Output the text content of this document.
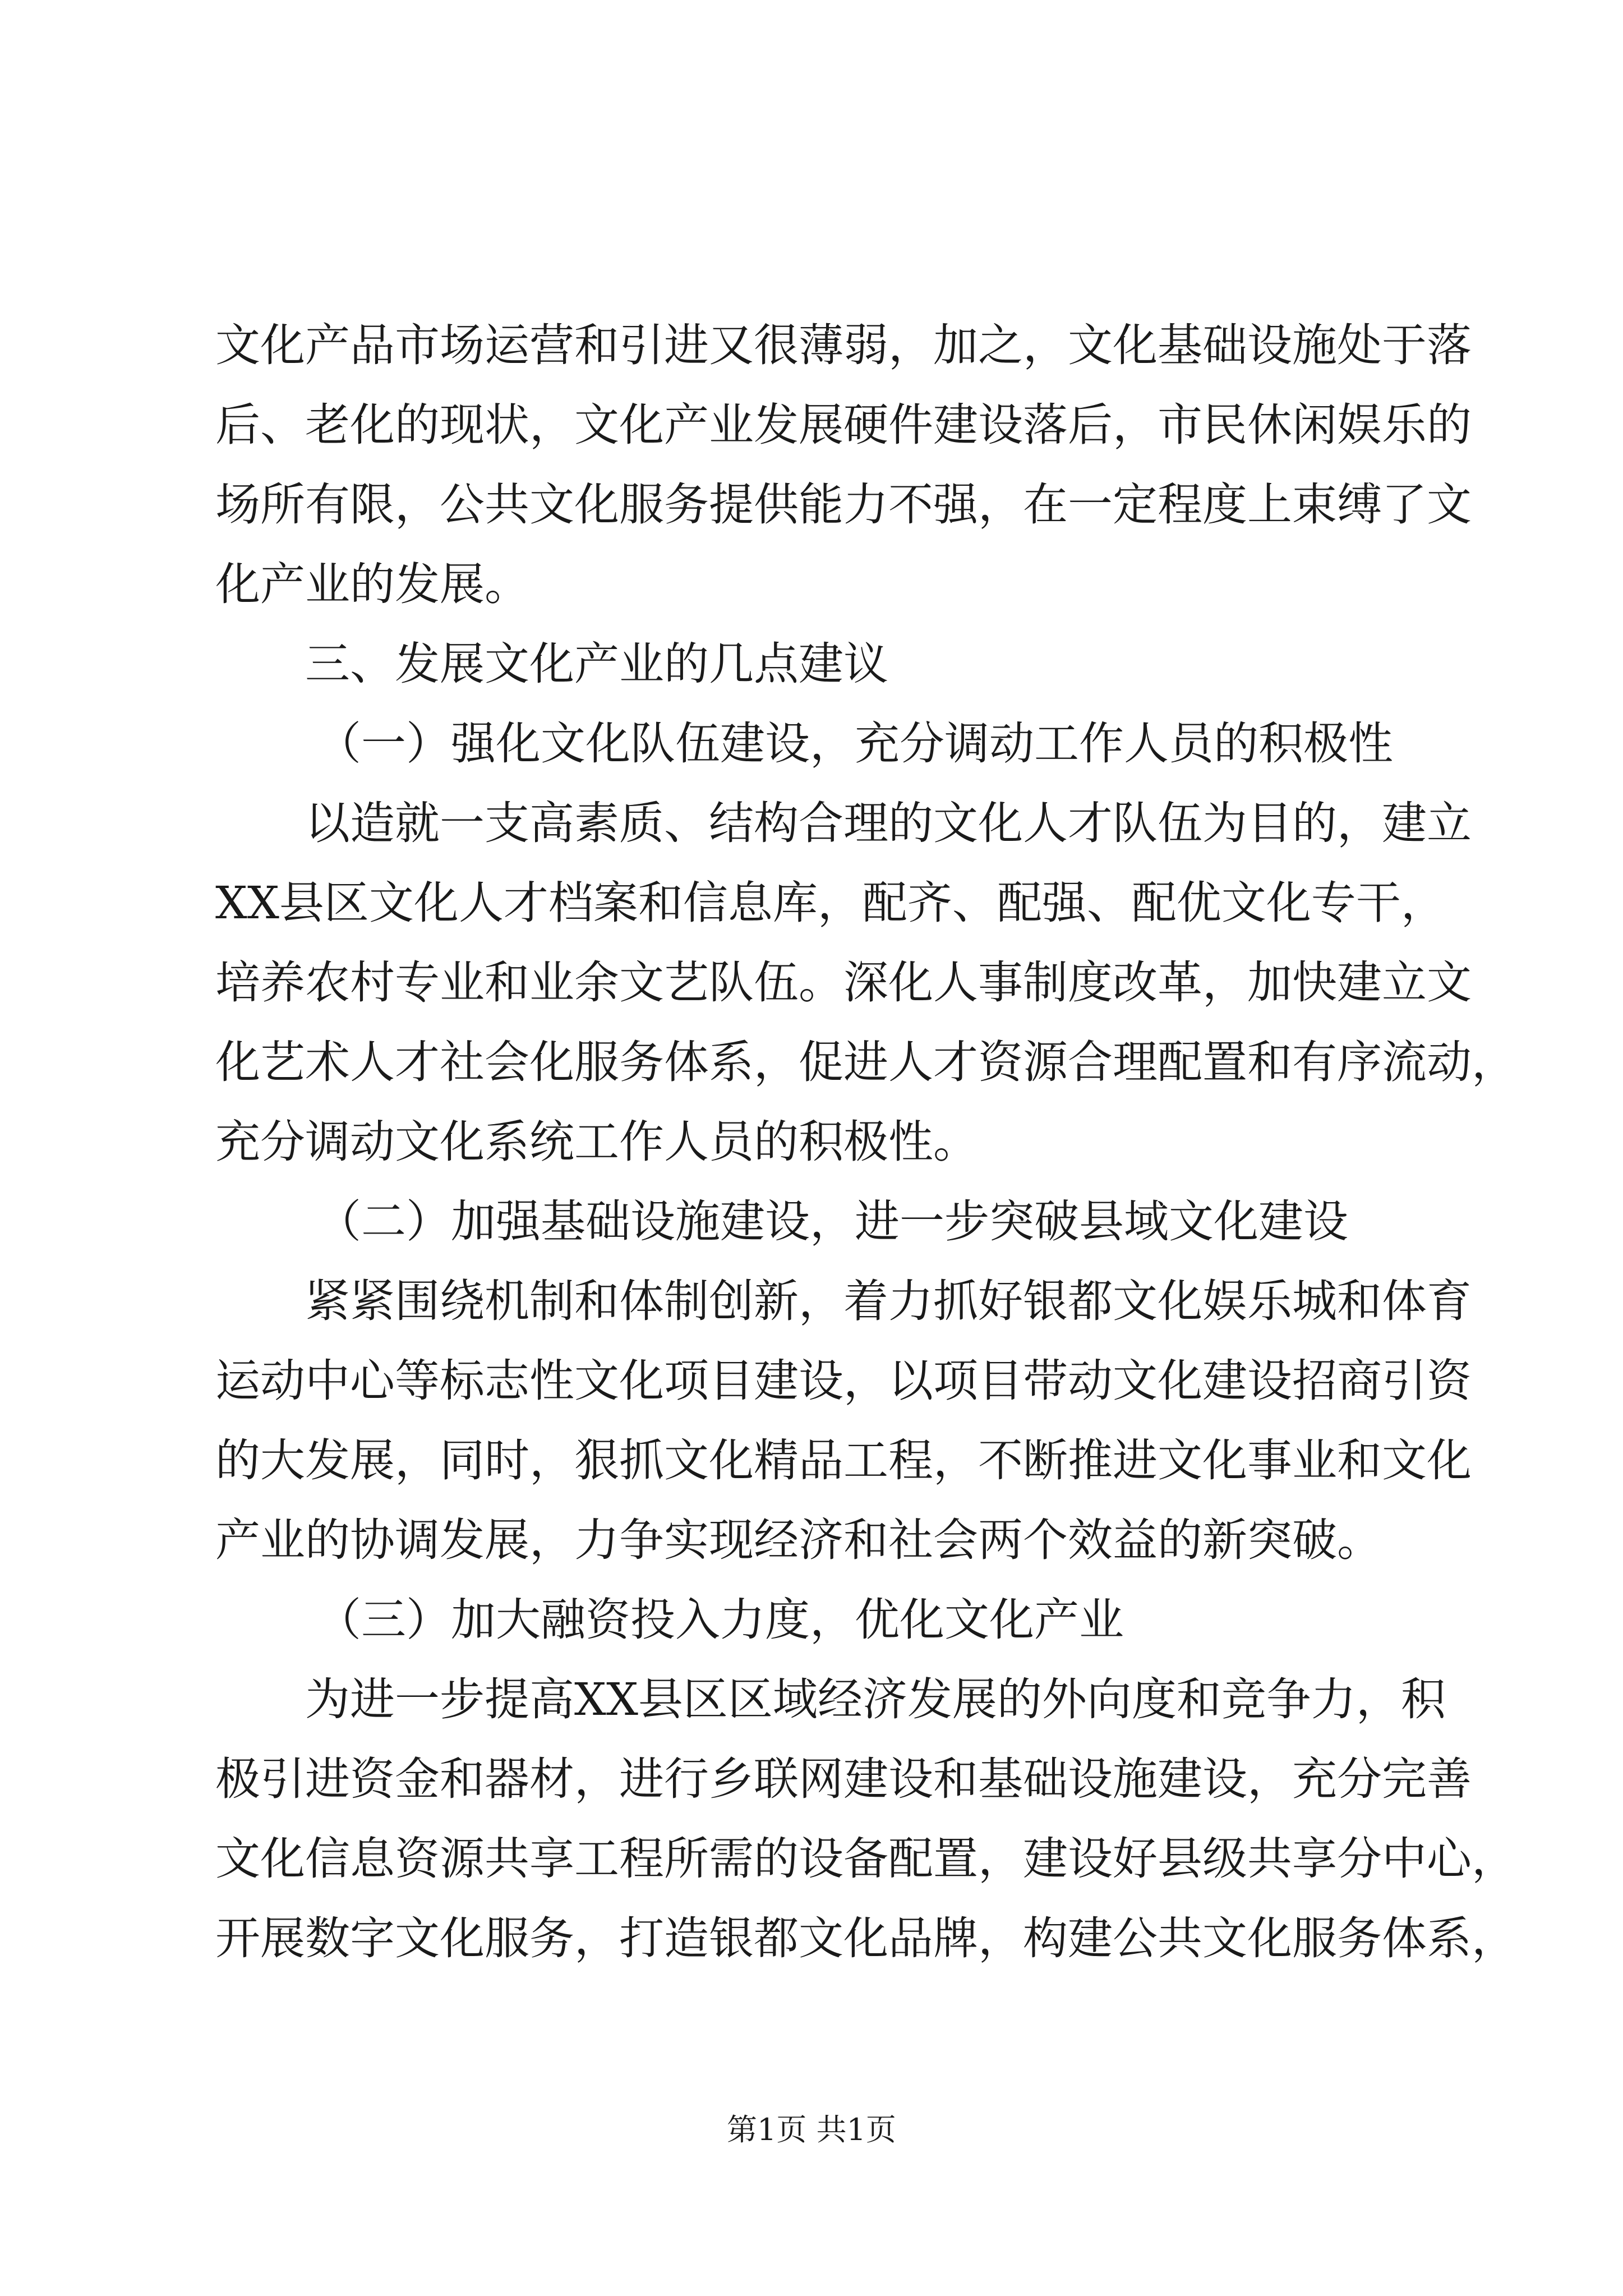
文化产品市场运营和引进又很薄弱，加之，文化基础设施处于落
后、老化的现状，文化产业发展硬件建设落后，市民休闲娱乐的
场所有限，公共文化服务提供能力不强，在一定程度上束缚了文
化产业的发展。
三、发展文化产业的几点建议
（一）强化文化队伍建设，充分调动工作人员的积极性
以造就一支高素质、结构合理的文化人才队伍为目的，建立
XX县区文化人才档案和信息库，配齐、配强、配优文化专干，
培养农村专业和业余文艺队伍。深化人事制度改革，加快建立文
化艺术人才社会化服务体系，促进人才资源合理配置和有序流动，
充分调动文化系统工作人员的积极性。
（二）加强基础设施建设，进一步突破县域文化建设
紧紧围绕机制和体制创新，着力抓好银都文化娱乐城和体育
运动中心等标志性文化项目建设，以项目带动文化建设招商引资
的大发展，同时，狠抓文化精品工程，不断推进文化事业和文化
产业的协调发展，力争实现经济和社会两个效益的新突破。
（三）加大融资投入力度，优化文化产业
为进一步提高XX县区区域经济发展的外向度和竞争力，积
极引进资金和器材，进行乡联网建设和基础设施建设，充分完善
文化信息资源共享工程所需的设备配置，建设好县级共享分中心，
开展数字文化服务，打造银都文化品牌，构建公共文化服务体系，
第1页 共1页
